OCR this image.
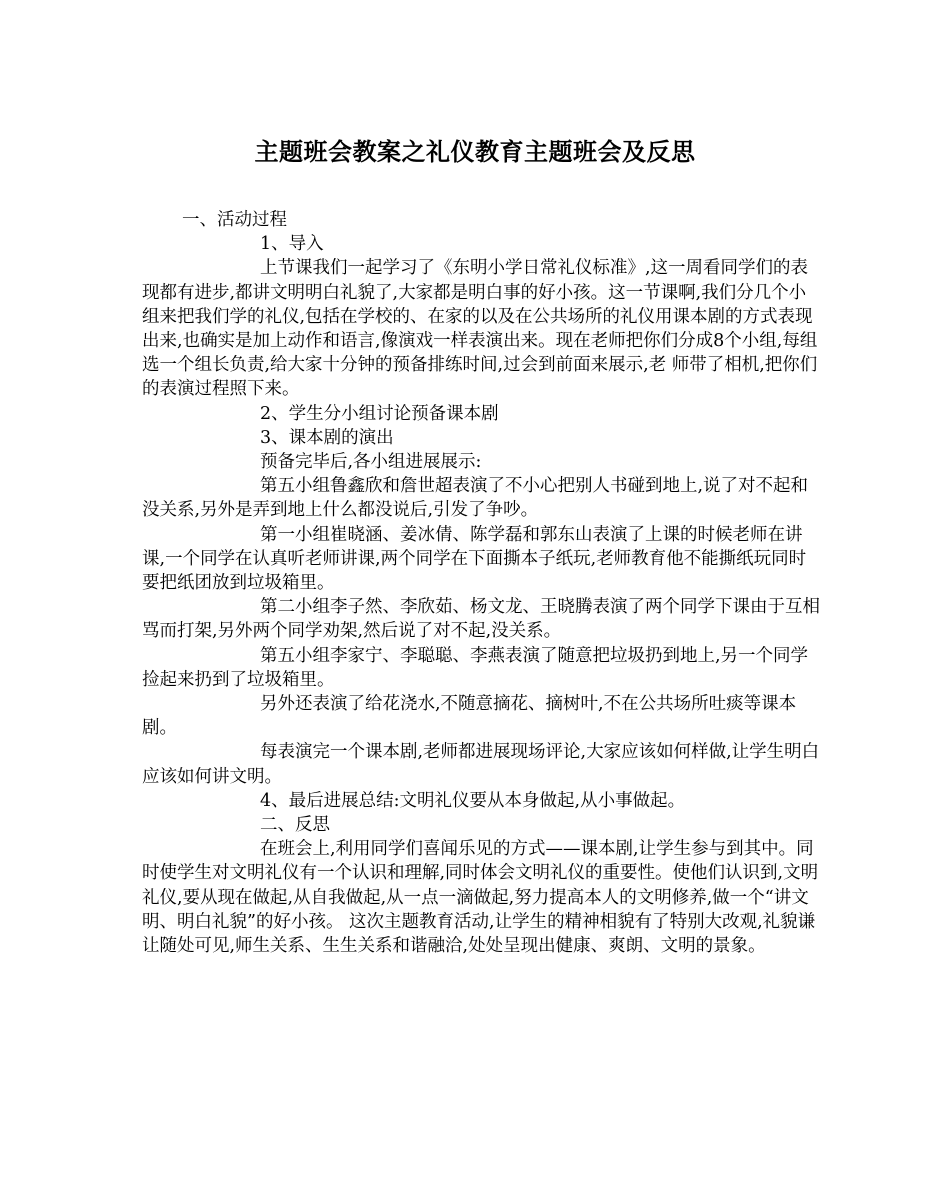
主题班会教案之礼仪教育主题班会及反思

一、活动过程

1、导入

上节课我们一起学习了《东明小学日常礼仪标准》,这一周看同学们的表现都有进步,都讲文明明白礼貌了,大家都是明白事的好小孩。这一节课啊,我们分几个小组来把我们学的礼仪,包括在学校的、在家的以及在公共场所的礼仪用课本剧的方式表现出来,也确实是加上动作和语言,像演戏一样表演出来。现在老师把你们分成8个小组,每组选一个组长负责,给大家十分钟的预备排练时间,过会到前面来展示,老 师带了相机,把你们的表演过程照下来。

2、学生分小组讨论预备课本剧

3、课本剧的演出

预备完毕后,各小组进展展示:

第五小组鲁鑫欣和詹世超表演了不小心把别人书碰到地上,说了对不起和没关系,另外是弄到地上什么都没说后,引发了争吵。

第一小组崔晓涵、姜冰倩、陈学磊和郭东山表演了上课的时候老师在讲课,一个同学在认真听老师讲课,两个同学在下面撕本子纸玩,老师教育他不能撕纸玩同时要把纸团放到垃圾箱里。

第二小组李子然、李欣茹、杨文龙、王晓腾表演了两个同学下课由于互相骂而打架,另外两个同学劝架,然后说了对不起,没关系。

第五小组李家宁、李聪聪、李燕表演了随意把垃圾扔到地上,另一个同学捡起来扔到了垃圾箱里。

另外还表演了给花浇水,不随意摘花、摘树叶,不在公共场所吐痰等课本剧。

每表演完一个课本剧,老师都进展现场评论,大家应该如何样做,让学生明白应该如何讲文明。

4、最后进展总结:文明礼仪要从本身做起,从小事做起。

二、反思

在班会上,利用同学们喜闻乐见的方式——课本剧,让学生参与到其中。同时使学生对文明礼仪有一个认识和理解,同时体会文明礼仪的重要性。使他们认识到,文明礼仪,要从现在做起,从自我做起,从一点一滴做起,努力提高本人的文明修养,做一个“讲文明、明白礼貌”的好小孩。 这次主题教育活动,让学生的精神相貌有了特别大改观,礼貌谦让随处可见,师生关系、生生关系和谐融洽,处处呈现出健康、爽朗、文明的景象。
